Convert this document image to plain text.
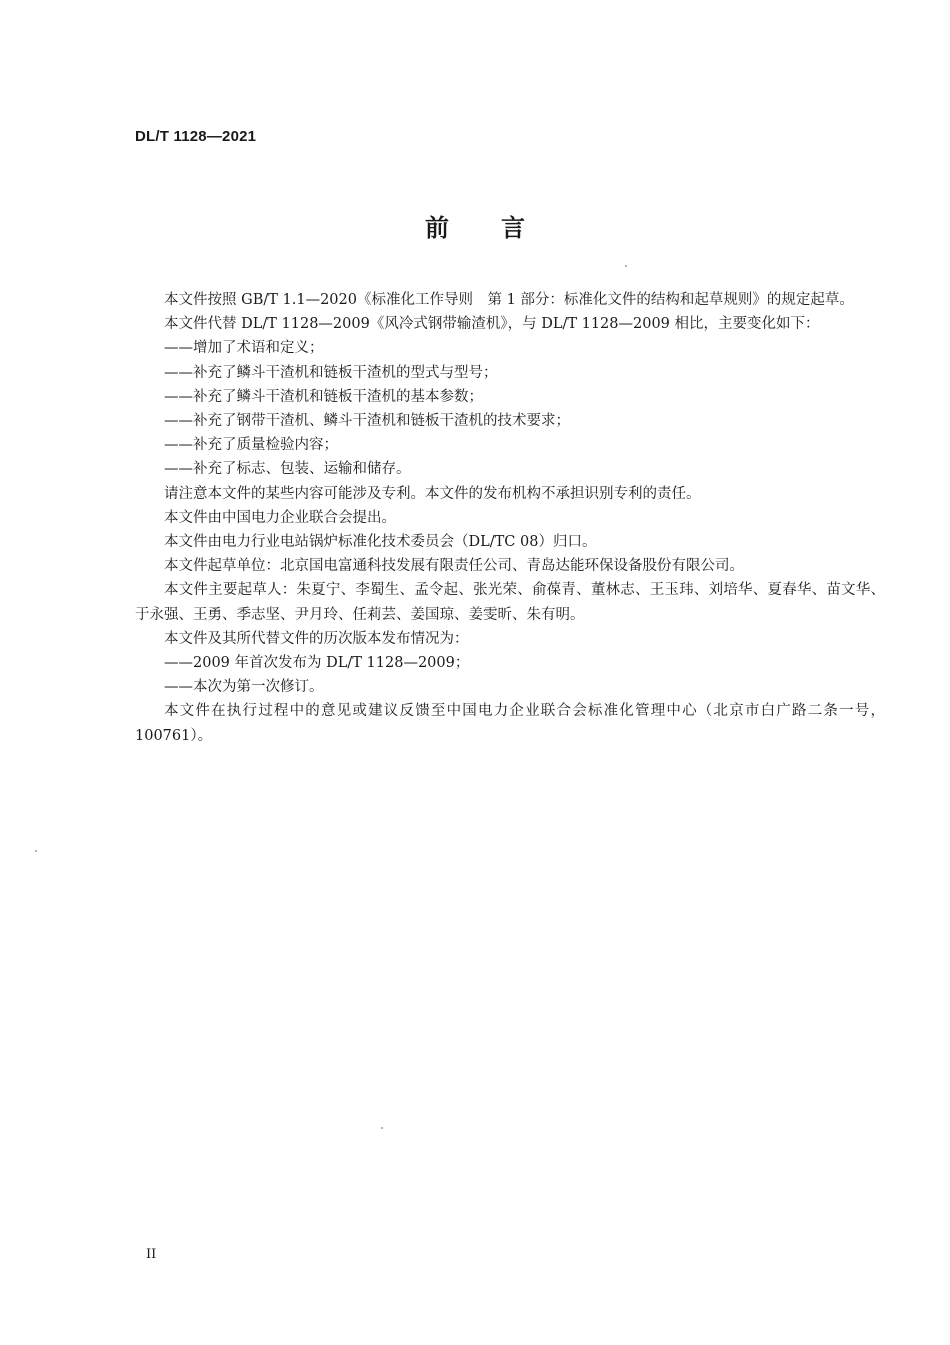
DL/T 1128—2021
前言

本文件按照 GB/T 1.1—2020《标准化工作导则　第 1 部分：标准化文件的结构和起草规则》的规定起草。

本文件代替 DL/T 1128—2009《风冷式钢带输渣机》，与 DL/T 1128—2009 相比，主要变化如下：

——增加了术语和定义；

——补充了鳞斗干渣机和链板干渣机的型式与型号；

——补充了鳞斗干渣机和链板干渣机的基本参数；

——补充了钢带干渣机、鳞斗干渣机和链板干渣机的技术要求；

——补充了质量检验内容；

——补充了标志、包装、运输和储存。

请注意本文件的某些内容可能涉及专利。本文件的发布机构不承担识别专利的责任。

本文件由中国电力企业联合会提出。

本文件由电力行业电站锅炉标准化技术委员会（DL/TC 08）归口。

本文件起草单位：北京国电富通科技发展有限责任公司、青岛达能环保设备股份有限公司。

本文件主要起草人：朱夏宁、李蜀生、孟令起、张光荣、俞葆青、董林志、王玉玮、刘培华、夏春华、苗文华、于永强、王勇、季志坚、尹月玲、任莉芸、姜国琼、姜雯昕、朱有明。

本文件及其所代替文件的历次版本发布情况为：

——2009 年首次发布为 DL/T 1128—2009；

——本次为第一次修订。

本文件在执行过程中的意见或建议反馈至中国电力企业联合会标准化管理中心（北京市白广路二条一号，100761）。

II
